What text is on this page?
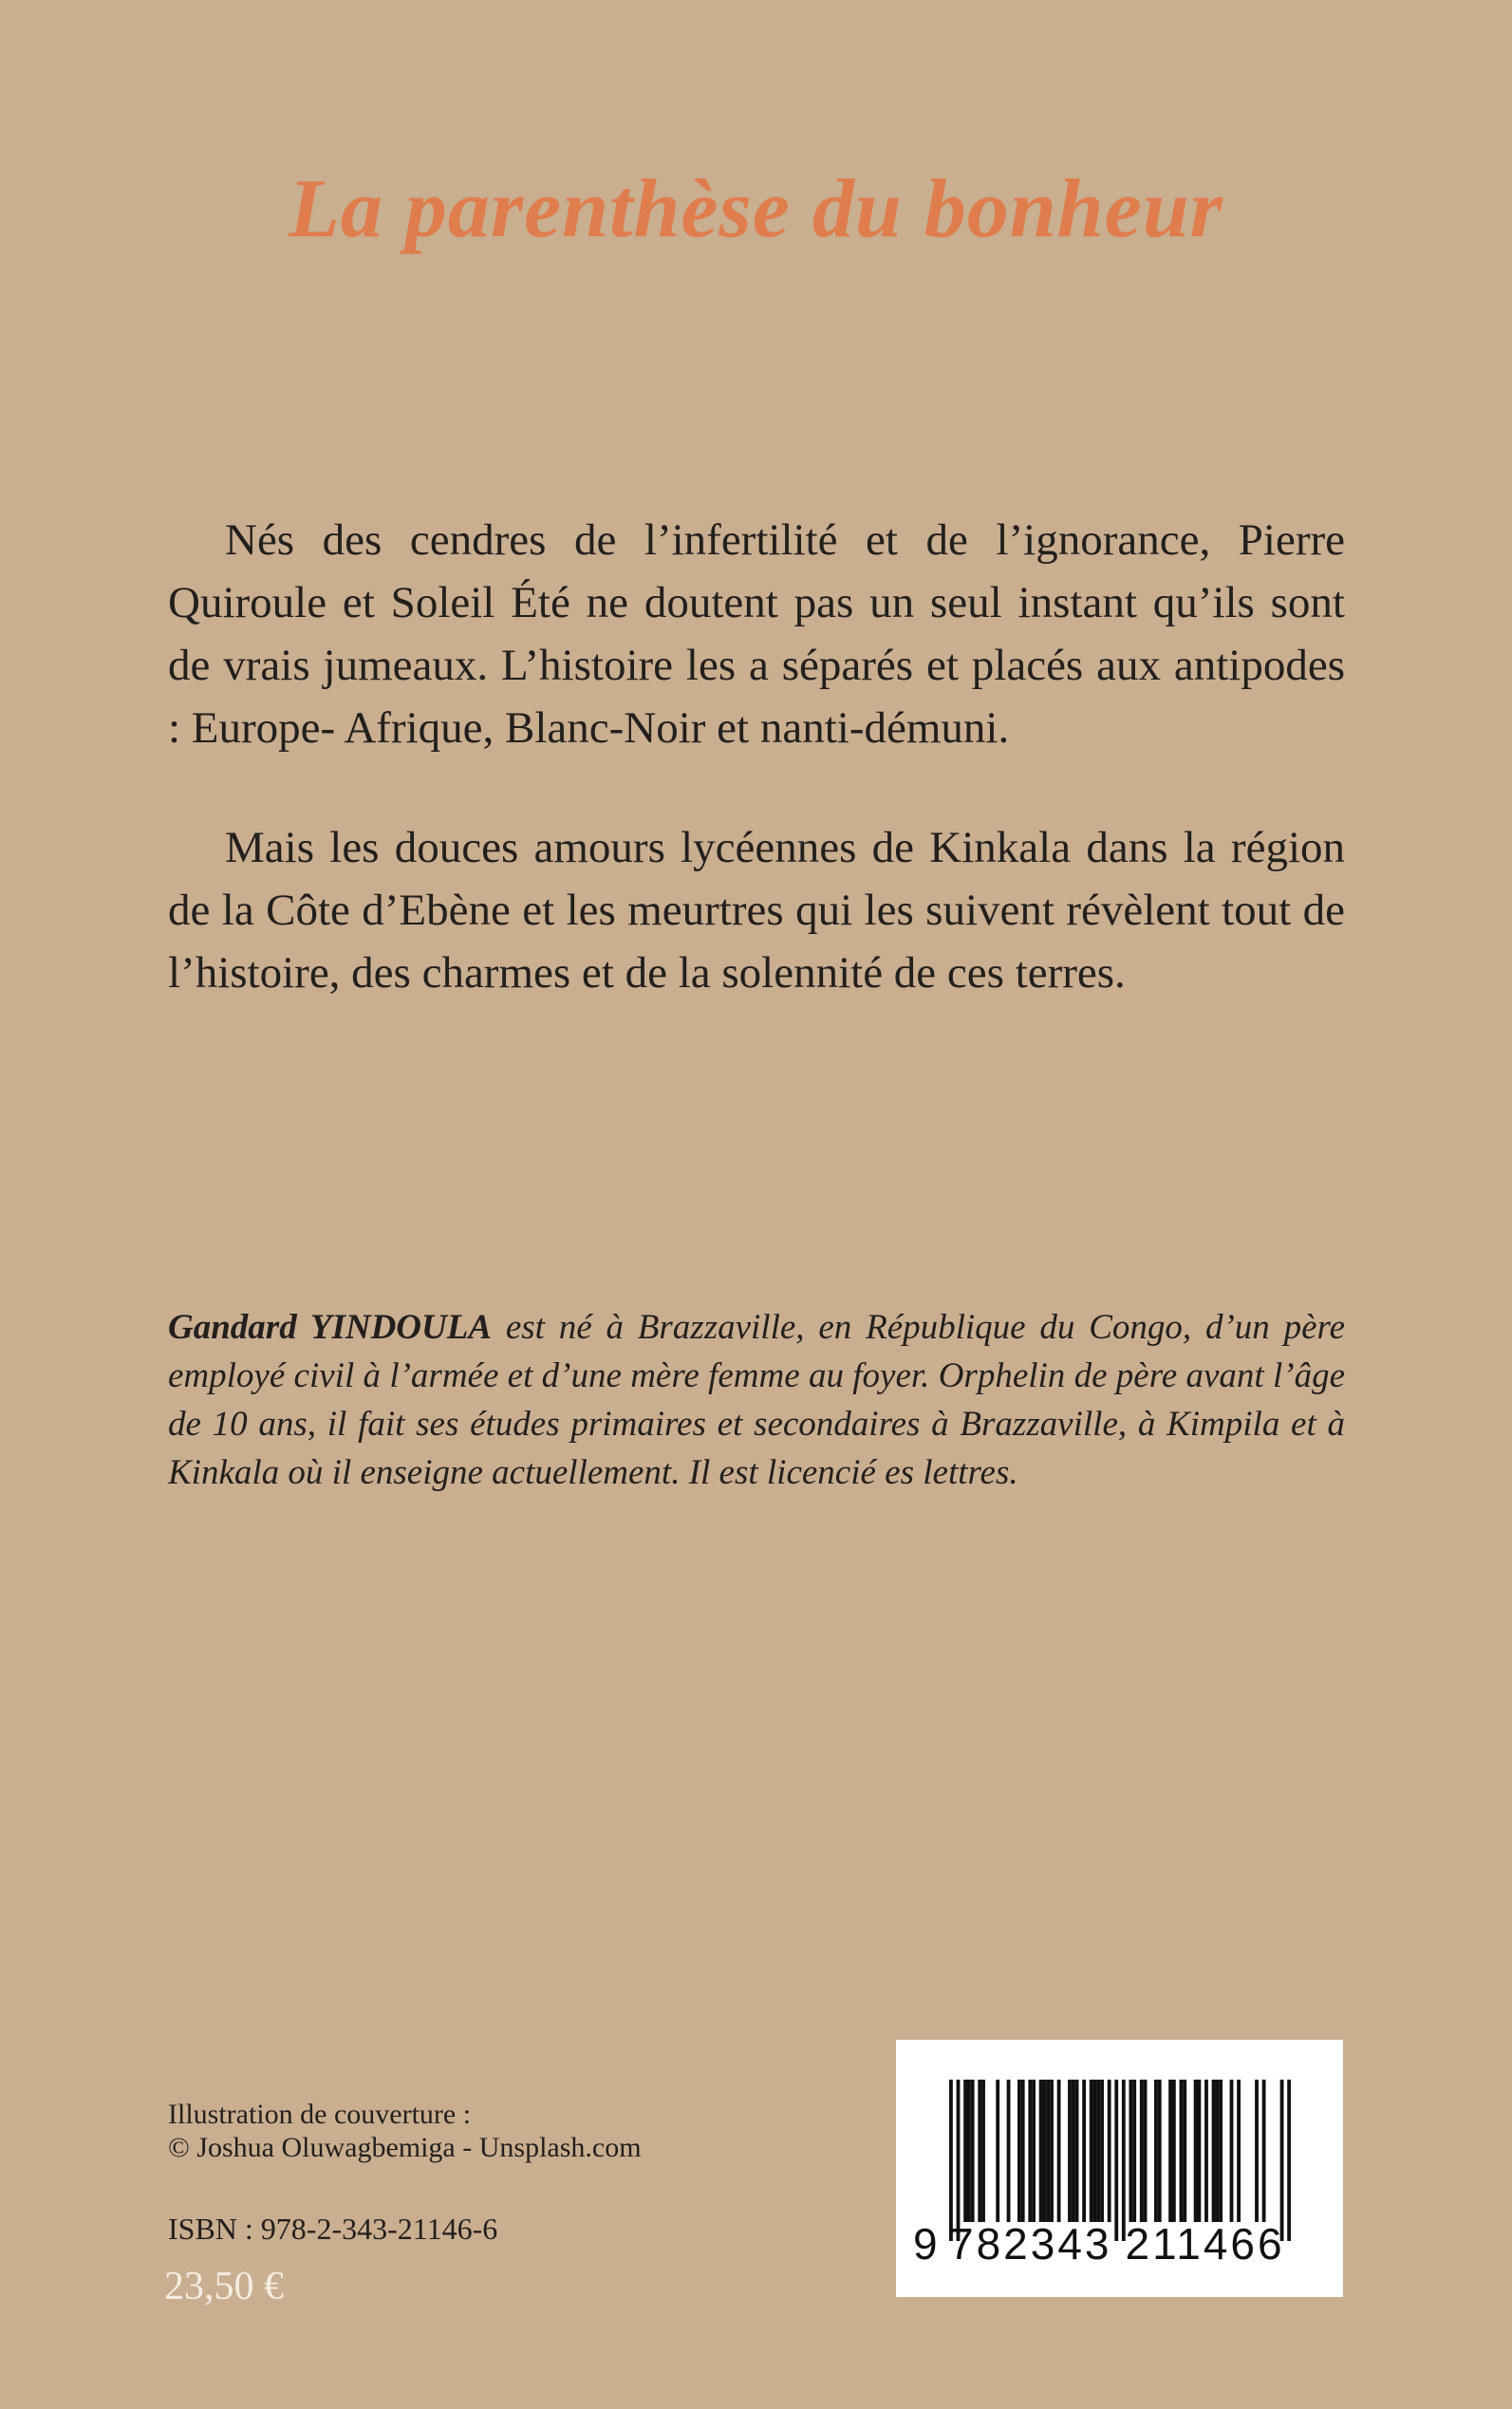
La parenthèse du bonheur

Nés des cendres de l’infertilité et de l’ignorance, Pierre Quiroule et Soleil Été ne doutent pas un seul instant qu’ils sont de vrais jumeaux. L’histoire les a séparés et placés aux antipodes : Europe- Afrique, Blanc-Noir et nanti-démuni.

Mais les douces amours lycéennes de Kinkala dans la région de la Côte d’Ebène et les meurtres qui les suivent révèlent tout de l’histoire, des charmes et de la solennité de ces terres.

Gandard YINDOULA est né à Brazzaville, en République du Congo, d’un père employé civil à l’armée et d’une mère femme au foyer. Orphelin de père avant l’âge de 10 ans, il fait ses études primaires et secondaires à Brazzaville, à Kimpila et à Kinkala où il enseigne actuellement. Il est licencié es lettres.

Illustration de couverture :
© Joshua Oluwagbemiga - Unsplash.com
ISBN : 978-2-343-21146-6
23,50 €
9 782343 211466
